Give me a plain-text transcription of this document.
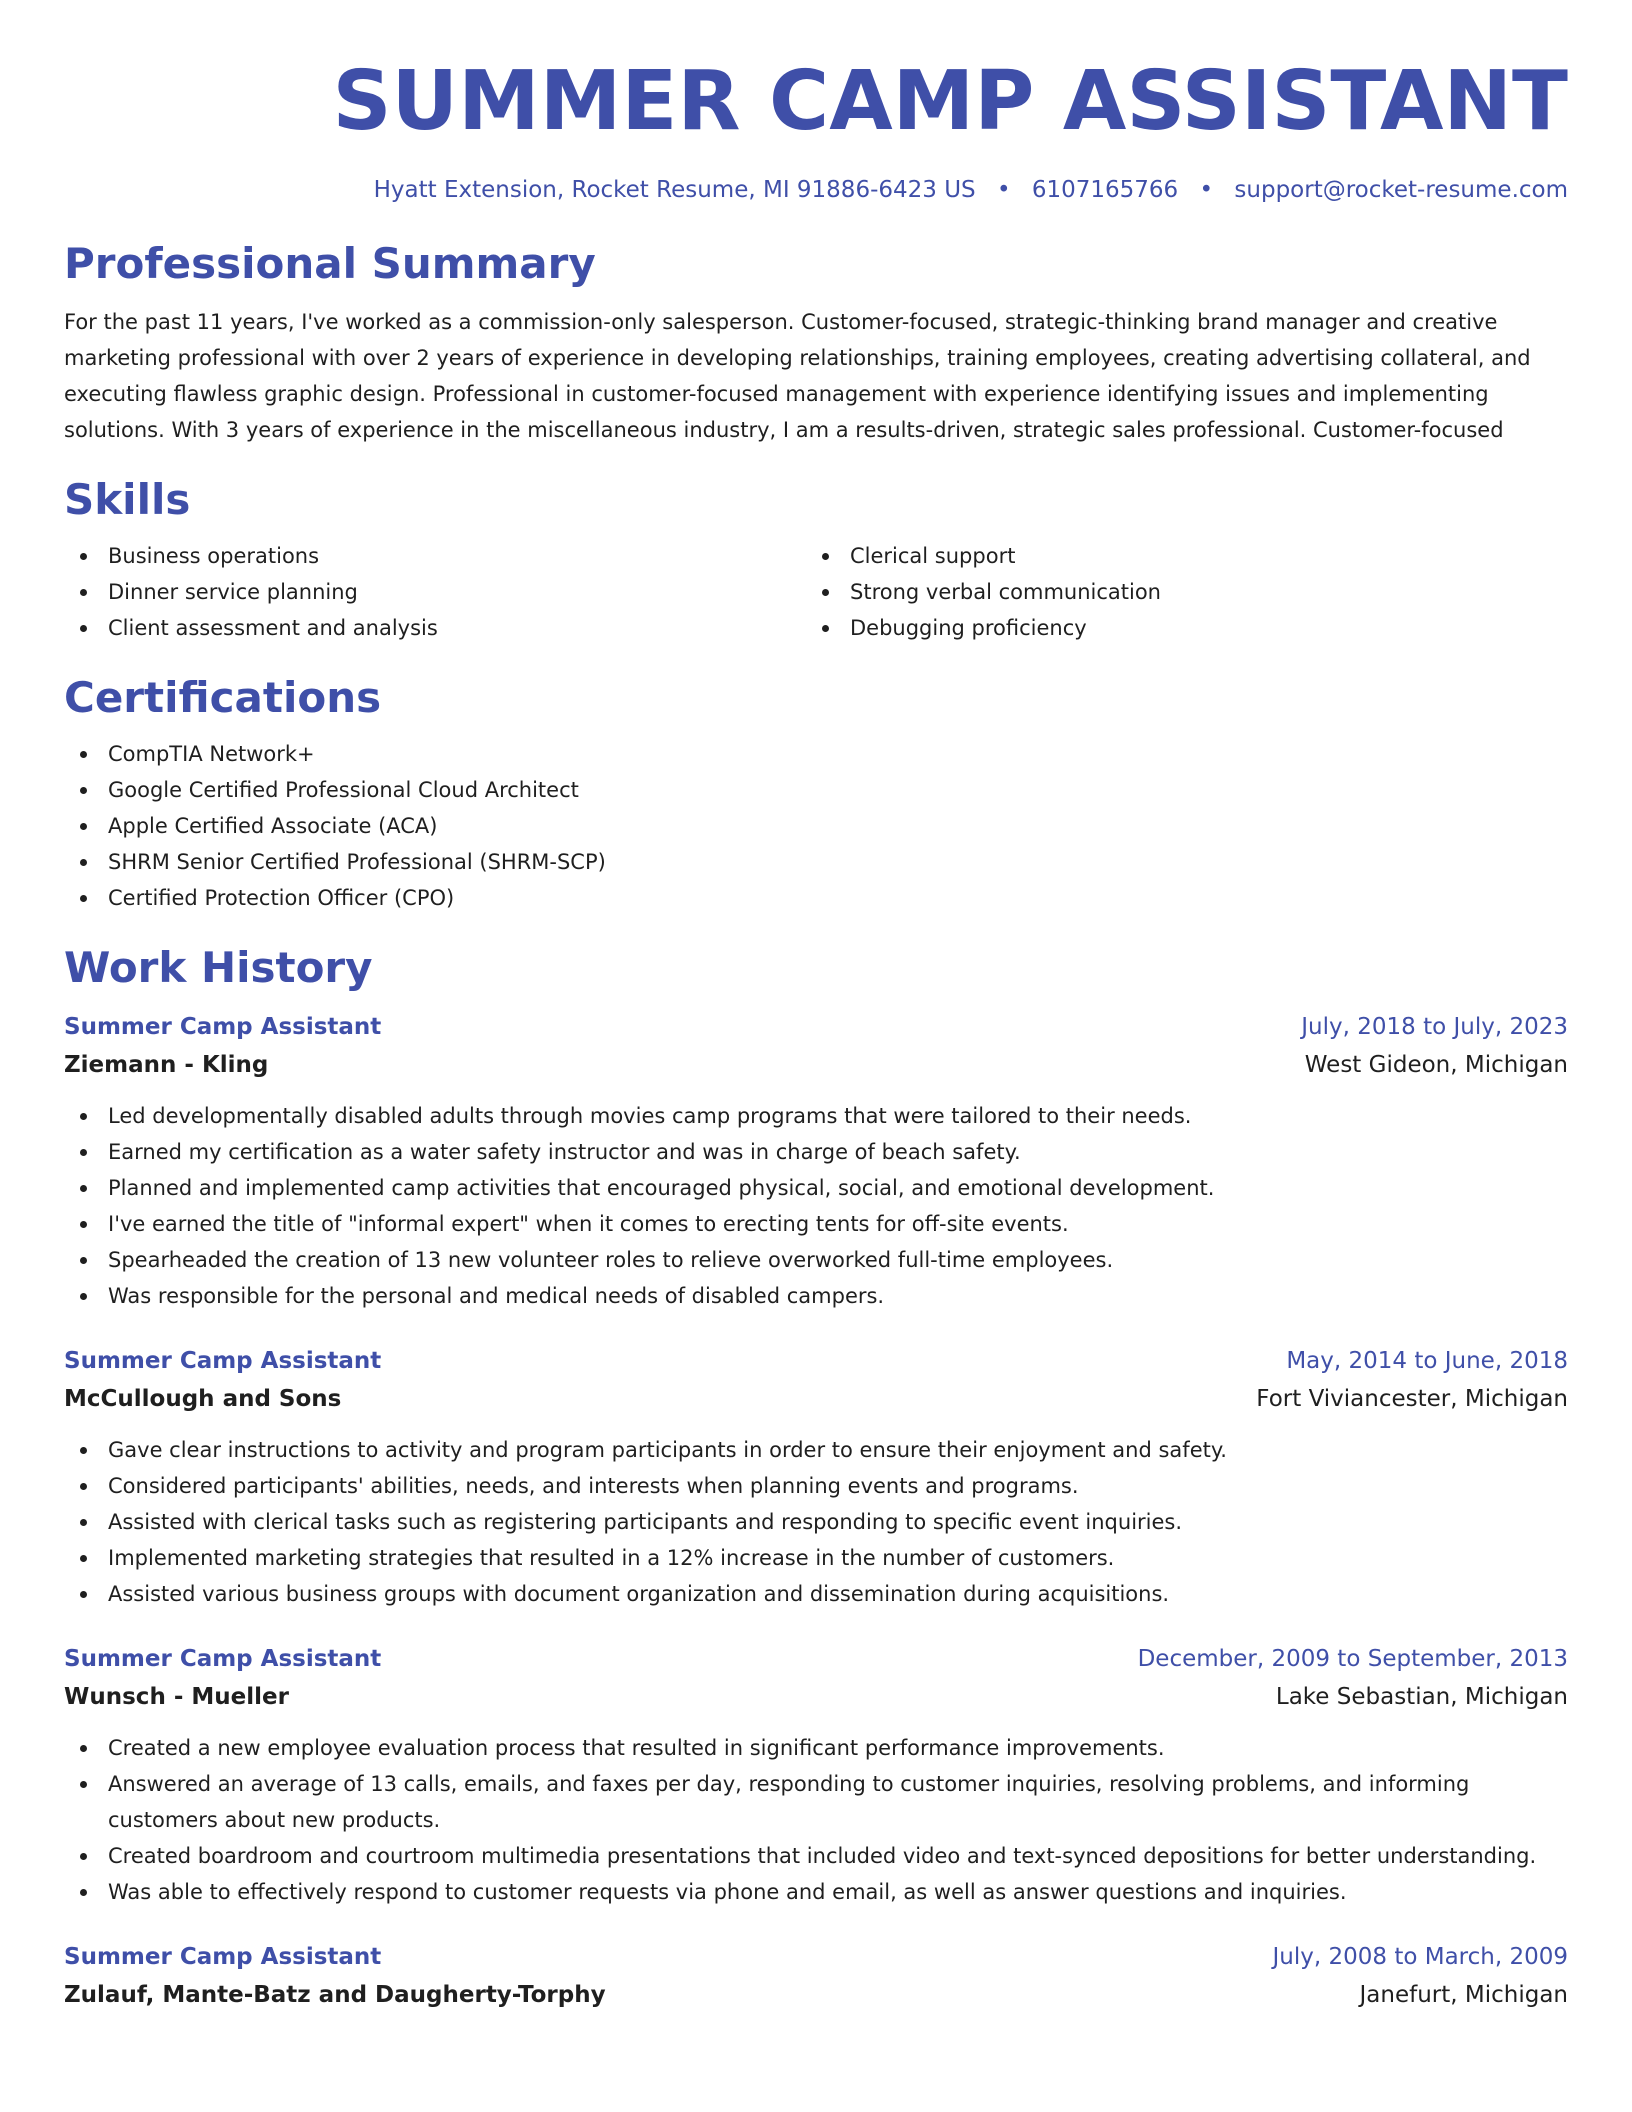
SUMMER CAMP ASSISTANT
Hyatt Extension, Rocket Resume, MI 91886-6423 US • 6107165766 • support@rocket-resume.com
Professional Summary
For the past 11 years, I've worked as a commission-only salesperson. Customer-focused, strategic-thinking brand manager and creative marketing professional with over 2 years of experience in developing relationships, training employees, creating advertising collateral, and executing flawless graphic design. Professional in customer-focused management with experience identifying issues and implementing solutions. With 3 years of experience in the miscellaneous industry, I am a results-driven, strategic sales professional. Customer-focused
Skills
Business operations
Dinner service planning
Client assessment and analysis
Clerical support
Strong verbal communication
Debugging proficiency
Certifications
CompTIA Network+
Google Certified Professional Cloud Architect
Apple Certified Associate (ACA)
SHRM Senior Certified Professional (SHRM-SCP)
Certified Protection Officer (CPO)
Work History
Summer Camp Assistant	July, 2018 to July, 2023
Ziemann - Kling	West Gideon, Michigan
Led developmentally disabled adults through movies camp programs that were tailored to their needs.
Earned my certification as a water safety instructor and was in charge of beach safety.
Planned and implemented camp activities that encouraged physical, social, and emotional development.
I've earned the title of "informal expert" when it comes to erecting tents for off-site events.
Spearheaded the creation of 13 new volunteer roles to relieve overworked full-time employees.
Was responsible for the personal and medical needs of disabled campers.
Summer Camp Assistant	May, 2014 to June, 2018
McCullough and Sons	Fort Viviancester, Michigan
Gave clear instructions to activity and program participants in order to ensure their enjoyment and safety.
Considered participants' abilities, needs, and interests when planning events and programs.
Assisted with clerical tasks such as registering participants and responding to specific event inquiries.
Implemented marketing strategies that resulted in a 12% increase in the number of customers.
Assisted various business groups with document organization and dissemination during acquisitions.
Summer Camp Assistant	December, 2009 to September, 2013
Wunsch - Mueller	Lake Sebastian, Michigan
Created a new employee evaluation process that resulted in significant performance improvements.
Answered an average of 13 calls, emails, and faxes per day, responding to customer inquiries, resolving problems, and informing customers about new products.
Created boardroom and courtroom multimedia presentations that included video and text-synced depositions for better understanding.
Was able to effectively respond to customer requests via phone and email, as well as answer questions and inquiries.
Summer Camp Assistant	July, 2008 to March, 2009
Zulauf, Mante-Batz and Daugherty-Torphy	Janefurt, Michigan
